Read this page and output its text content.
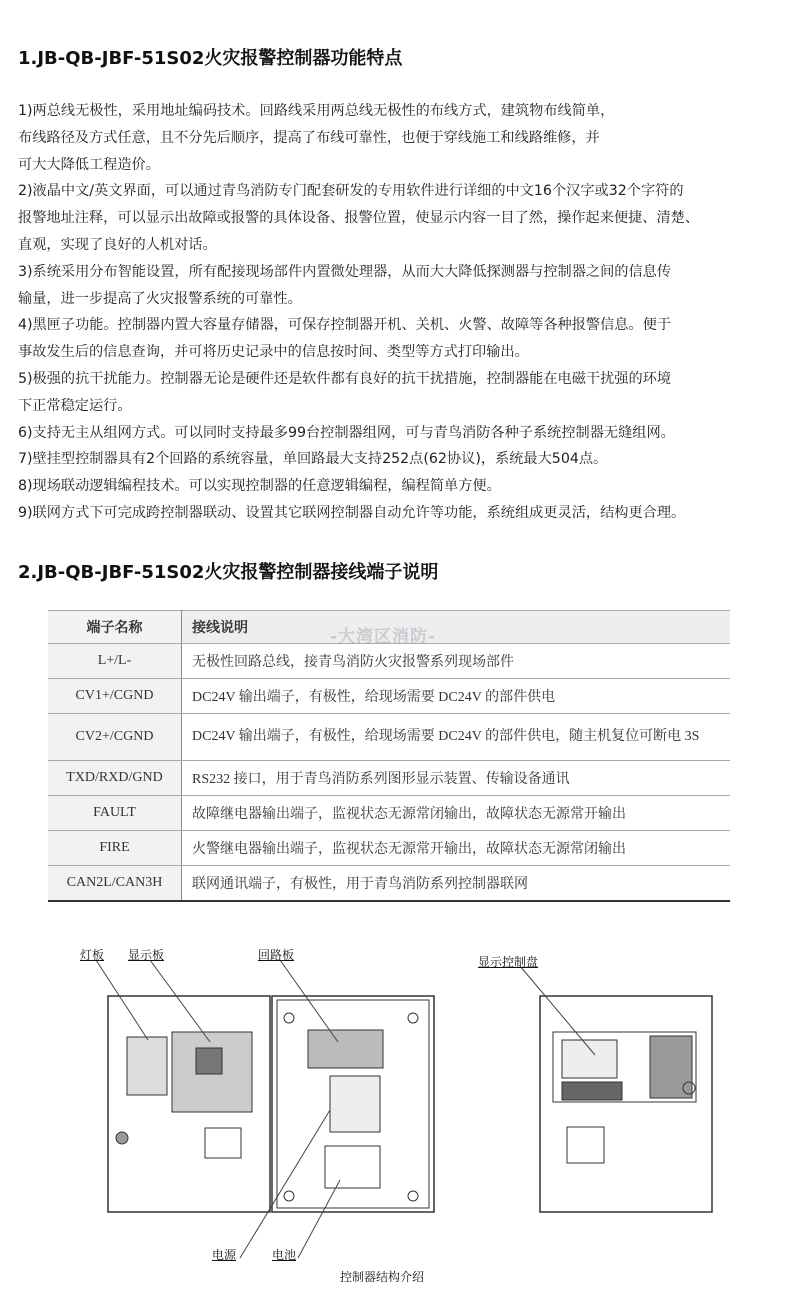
1.JB-QB-JBF-51S02火灾报警控制器功能特点

1)两总线无极性，采用地址编码技术。回路线采用两总线无极性的布线方式，建筑物布线简单，

布线路径及方式任意，且不分先后顺序，提高了布线可靠性，也便于穿线施工和线路维修，并

可大大降低工程造价。

2)液晶中文/英文界面，可以通过青鸟消防专门配套研发的专用软件进行详细的中文16个汉字或32个字符的

报警地址注释，可以显示出故障或报警的具体设备、报警位置，使显示内容一目了然，操作起来便捷、清楚、

直观，实现了良好的人机对话。

3)系统采用分布智能设置，所有配接现场部件内置微处理器，从而大大降低探测器与控制器之间的信息传

输量，进一步提高了火灾报警系统的可靠性。

4)黑匣子功能。控制器内置大容量存储器，可保存控制器开机、关机、火警、故障等各种报警信息。便于

事故发生后的信息查询，并可将历史记录中的信息按时间、类型等方式打印输出。

5)极强的抗干扰能力。控制器无论是硬件还是软件都有良好的抗干扰措施，控制器能在电磁干扰强的环境

下正常稳定运行。

6)支持无主从组网方式。可以同时支持最多99台控制器组网，可与青鸟消防各种子系统控制器无缝组网。

7)壁挂型控制器具有2个回路的系统容量，单回路最大支持252点(62协议)，系统最大504点。

8)现场联动逻辑编程技术。可以实现控制器的任意逻辑编程，编程简单方便。

9)联网方式下可完成跨控制器联动、设置其它联网控制器自动允许等功能，系统组成更灵活，结构更合理。

2.JB-QB-JBF-51S02火灾报警控制器接线端子说明
端子名称	接线说明
L+/L-	无极性回路总线，接青鸟消防火灾报警系列现场部件
CV1+/CGND	DC24V 输出端子，有极性，给现场需要 DC24V 的部件供电
CV2+/CGND	DC24V 输出端子，有极性，给现场需要 DC24V 的部件供电，随主机复位可断电 3S
TXD/RXD/GND	RS232 接口，用于青鸟消防系列图形显示装置、传输设备通讯
FAULT	故障继电器输出端子，监视状态无源常闭输出，故障状态无源常开输出
FIRE	火警继电器输出端子，监视状态无源常开输出，故障状态无源常闭输出
CAN2L/CAN3H	联网通讯端子，有极性，用于青鸟消防系列控制器联网
-大湾区消防-
灯板 显示板	回路板	显示控制盘
电源	电池
控制器结构介绍
